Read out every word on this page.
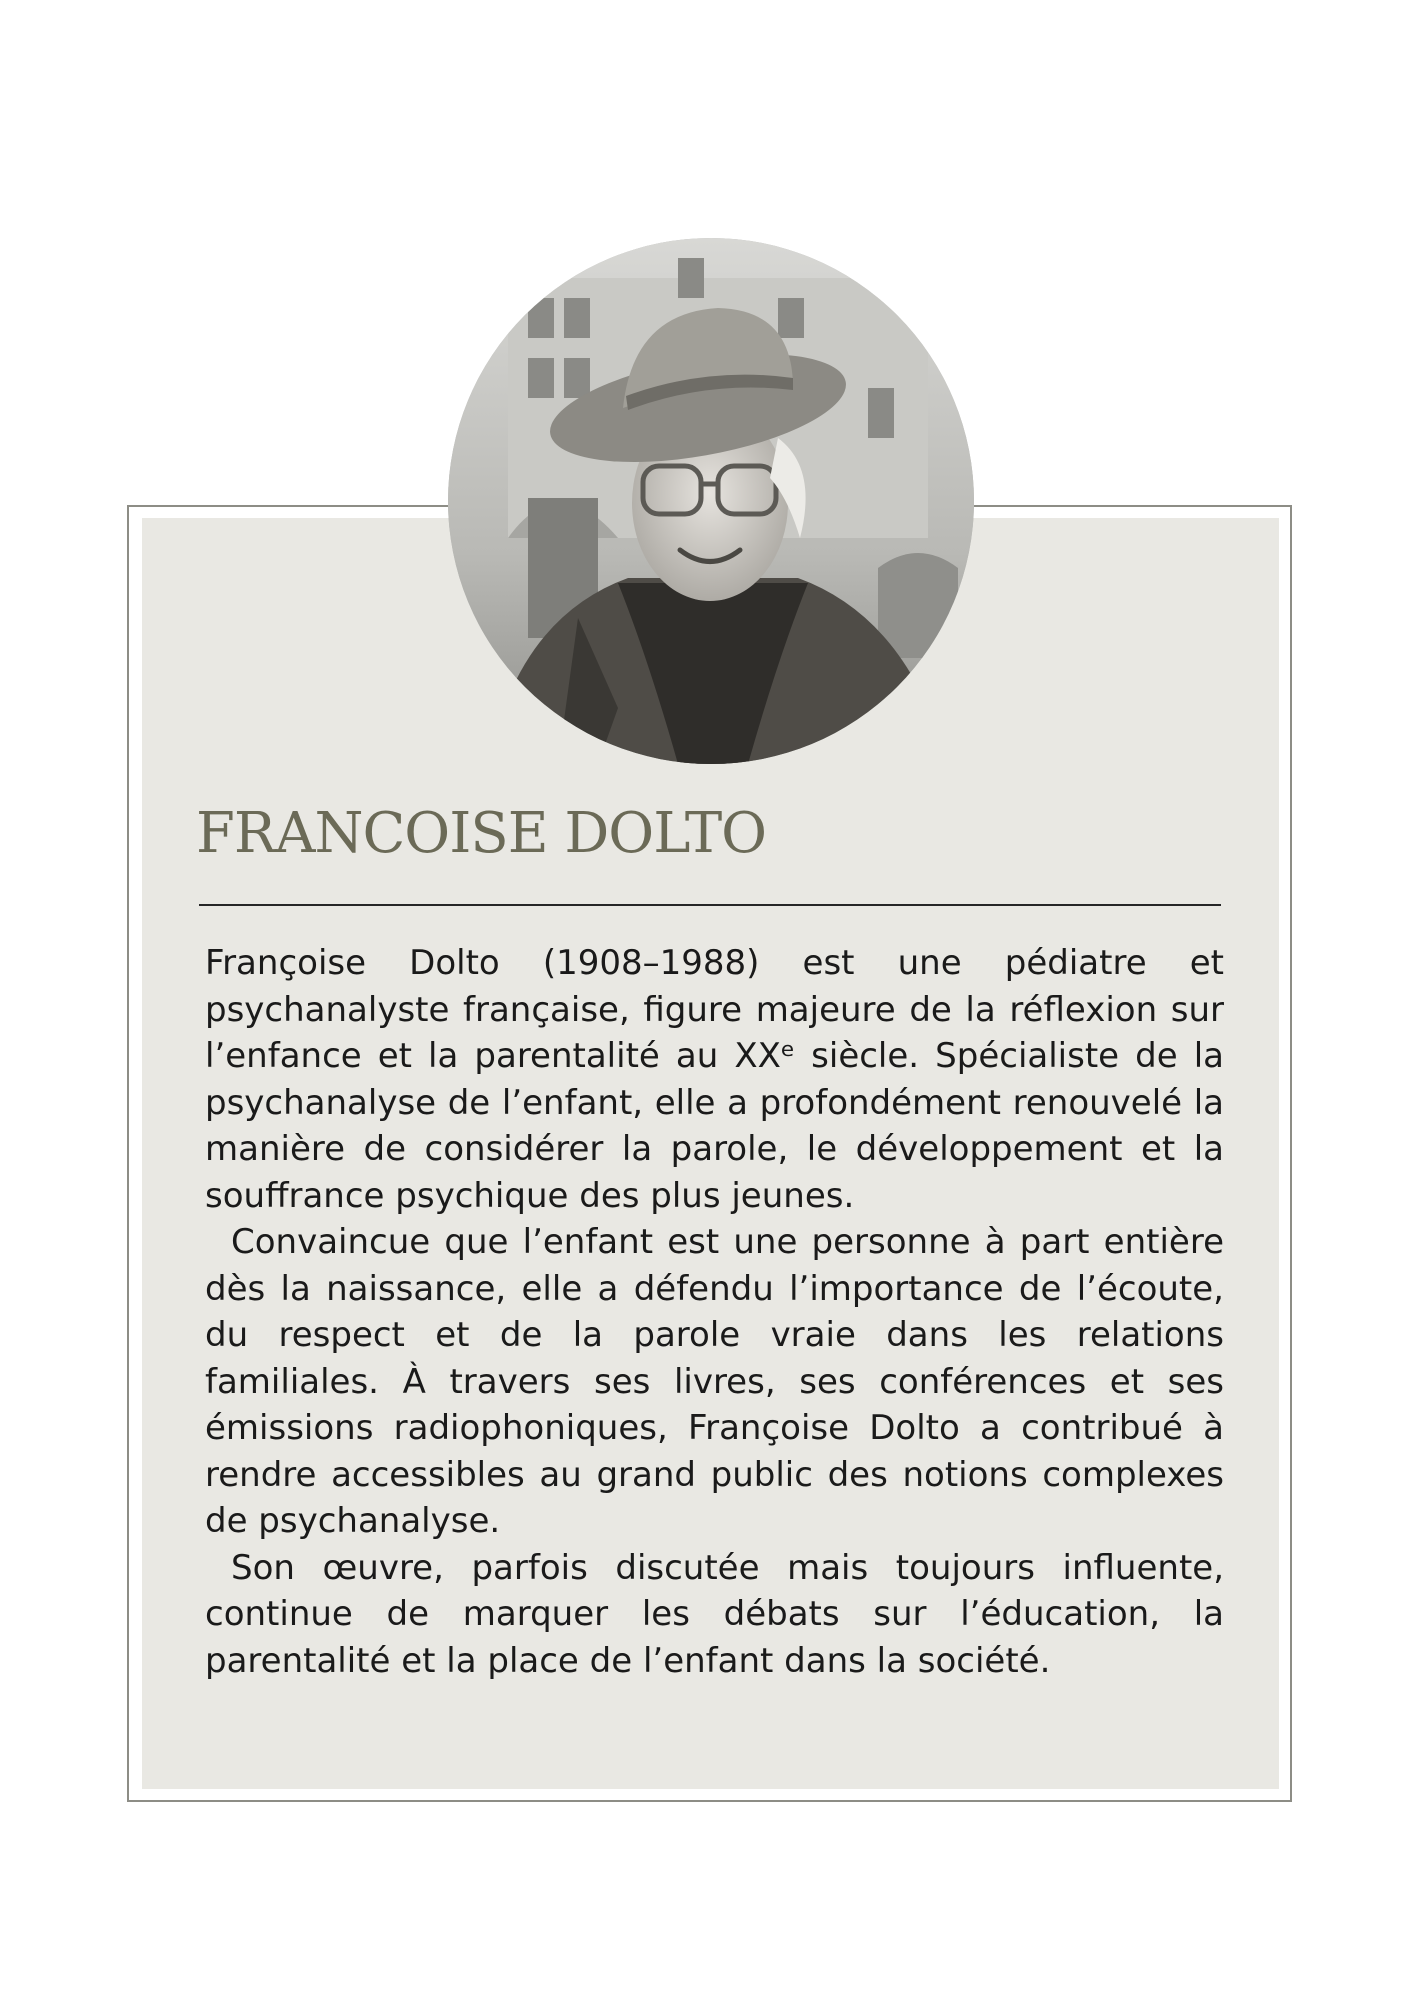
FRANCOISE DOLTO

Françoise Dolto (1908–1988) est une pédiatre et psychanalyste française, figure majeure de la réflexion sur l’enfance et la parentalité au XXᵉ siècle. Spécialiste de la psychanalyse de l’enfant, elle a profondément renouvelé la manière de considérer la parole, le développement et la souffrance psychique des plus jeunes.

Convaincue que l’enfant est une personne à part entière dès la naissance, elle a défendu l’importance de l’écoute, du respect et de la parole vraie dans les relations familiales. À travers ses livres, ses conférences et ses émissions radiophoniques, Françoise Dolto a contribué à rendre accessibles au grand public des notions complexes de psychanalyse.

Son œuvre, parfois discutée mais toujours influente, continue de marquer les débats sur l’éducation, la parentalité et la place de l’enfant dans la société.
